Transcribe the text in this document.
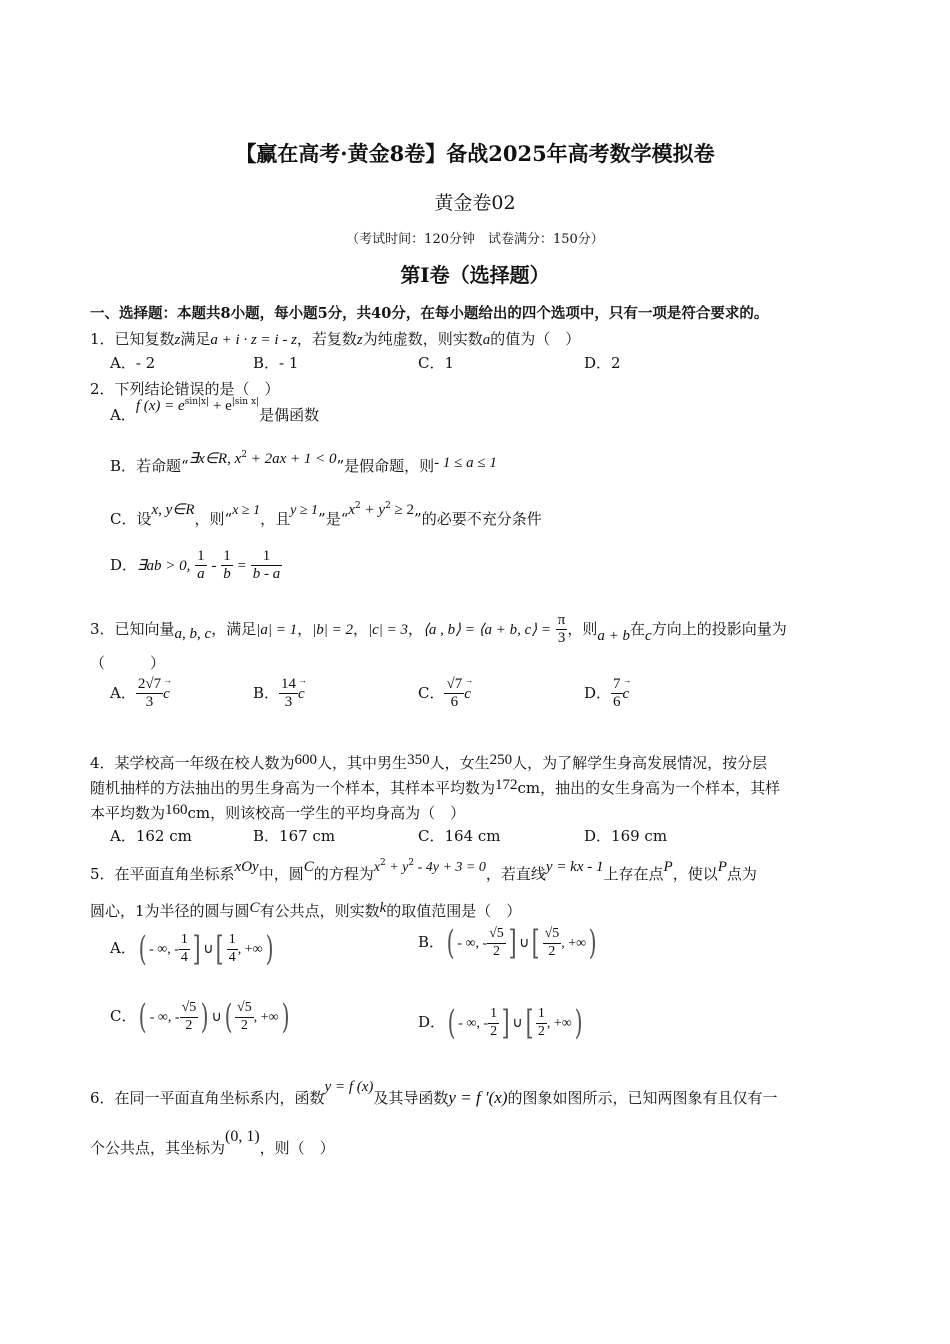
【赢在高考·黄金8卷】备战2025年高考数学模拟卷
黄金卷02
（考试时间：120分钟　试卷满分：150分）
第I卷（选择题）
一、选择题：本题共8小题，每小题5分，共40分，在每小题给出的四个选项中，只有一项是符合要求的。
1．已知复数z满足a + i · z = i - z，若复数z为纯虚数，则实数a的值为（　）
A．- 2	B．- 1	C．1	D．2
2．下列结论错误的是（　）
A．f $(x) = e^{sin|x|} + e^{|sin x|}$是偶函数
B．若命题“∃x∈R, $x^2 + 2ax + 1 < 0$”是假命题，则- 1 ≤ a ≤ 1
C．设x, y∈R，则“x ≥ 1，且y ≥ 1”是“$x^2 + y^2 \ge 2$”的必要不充分条件
D．∃ab > 0, $\frac{1}{a} - \frac{1}{b} = \frac{1}{b - a}$
3．已知向量a, b, c，满足|a| = 1，|b| = 2，|c| = 3，⟨a , b⟩ = ⟨a + b, c⟩ = $\frac{\pi}{3}$ ，则a + b在c方向上的投影向量为
（　　　）
A． $\frac{2√7}{3}$
→ c	B． $\frac{14}{3}$
→ c	C． $\frac{√7}{6}$
→ c	D． $\frac{7}{6}$
→ c
4．某学校高一年级在校人数为600人，其中男生350人，女生250人，为了解学生身高发展情况，按分层
随机抽样的方法抽出的男生身高为一个样本，其样本平均数为172cm，抽出的女生身高为一个样本，其样
本平均数为160cm，则该校高一学生的平均身高为（　）
A．162 cm	B．167 cm	C．164 cm	D．169 cm
5．在平面直角坐标系xOy中，圆C的方程为$x^2 + y^2 - 4y + 3 = 0$，若直线y = kx - 1上存在点P，使以P点为
圆心，1为半径的圆与圆C有公共点，则实数k的取值范围是（　）
A．( - ∞, - $\frac{1}{4}$ ] ∪[ $\frac{1}{4}$ , +∞)	B．( - ∞, - $\frac{√5}{2}$ ] ∪[ $\frac{√5}{2}$ , +∞)
C．( - ∞, - $\frac{√5}{2}$ ) ∪( $\frac{√5}{2}$ , +∞)	D．( - ∞, - $\frac{1}{2}$ ] ∪[ $\frac{1}{2}$ , +∞)
6．在同一平面直角坐标系内，函数y = f (x)及其导函数y = f ′(x)的图象如图所示，已知两图象有且仅有一
个公共点，其坐标为(0, 1)，则（　）
